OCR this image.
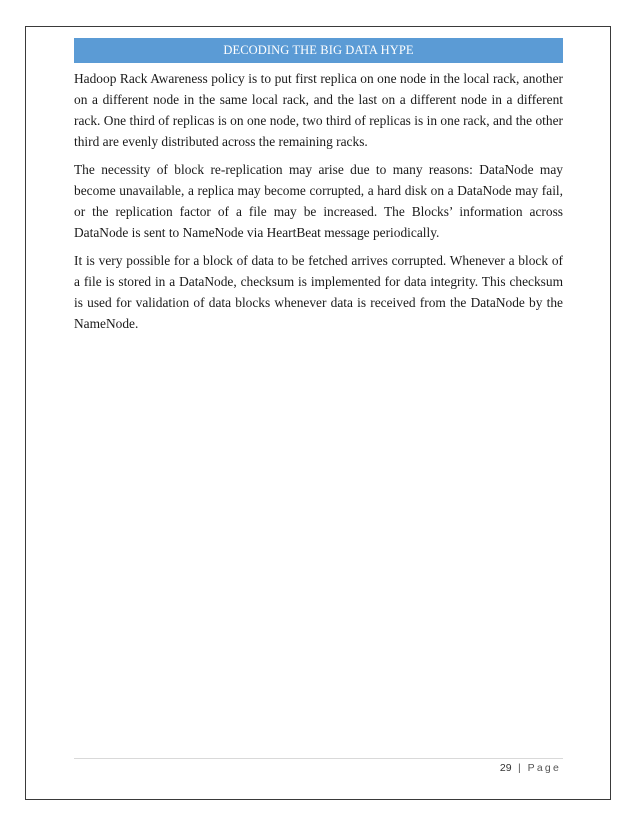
DECODING THE BIG DATA HYPE

Hadoop Rack Awareness policy is to put first replica on one node in the local rack, another on a different node in the same local rack, and the last on a different node in a different rack. One third of replicas is on one node, two third of replicas is in one rack, and the other third are evenly distributed across the remaining racks.

The necessity of block re-replication may arise due to many reasons: DataNode may become unavailable, a replica may become corrupted, a hard disk on a DataNode may fail, or the replication factor of a file may be increased. The Blocks’ information across DataNode is sent to NameNode via HeartBeat message periodically.

It is very possible for a block of data to be fetched arrives corrupted. Whenever a block of a file is stored in a DataNode, checksum is implemented for data integrity. This checksum is used for validation of data blocks whenever data is received from the DataNode by the NameNode.

29 | Page
